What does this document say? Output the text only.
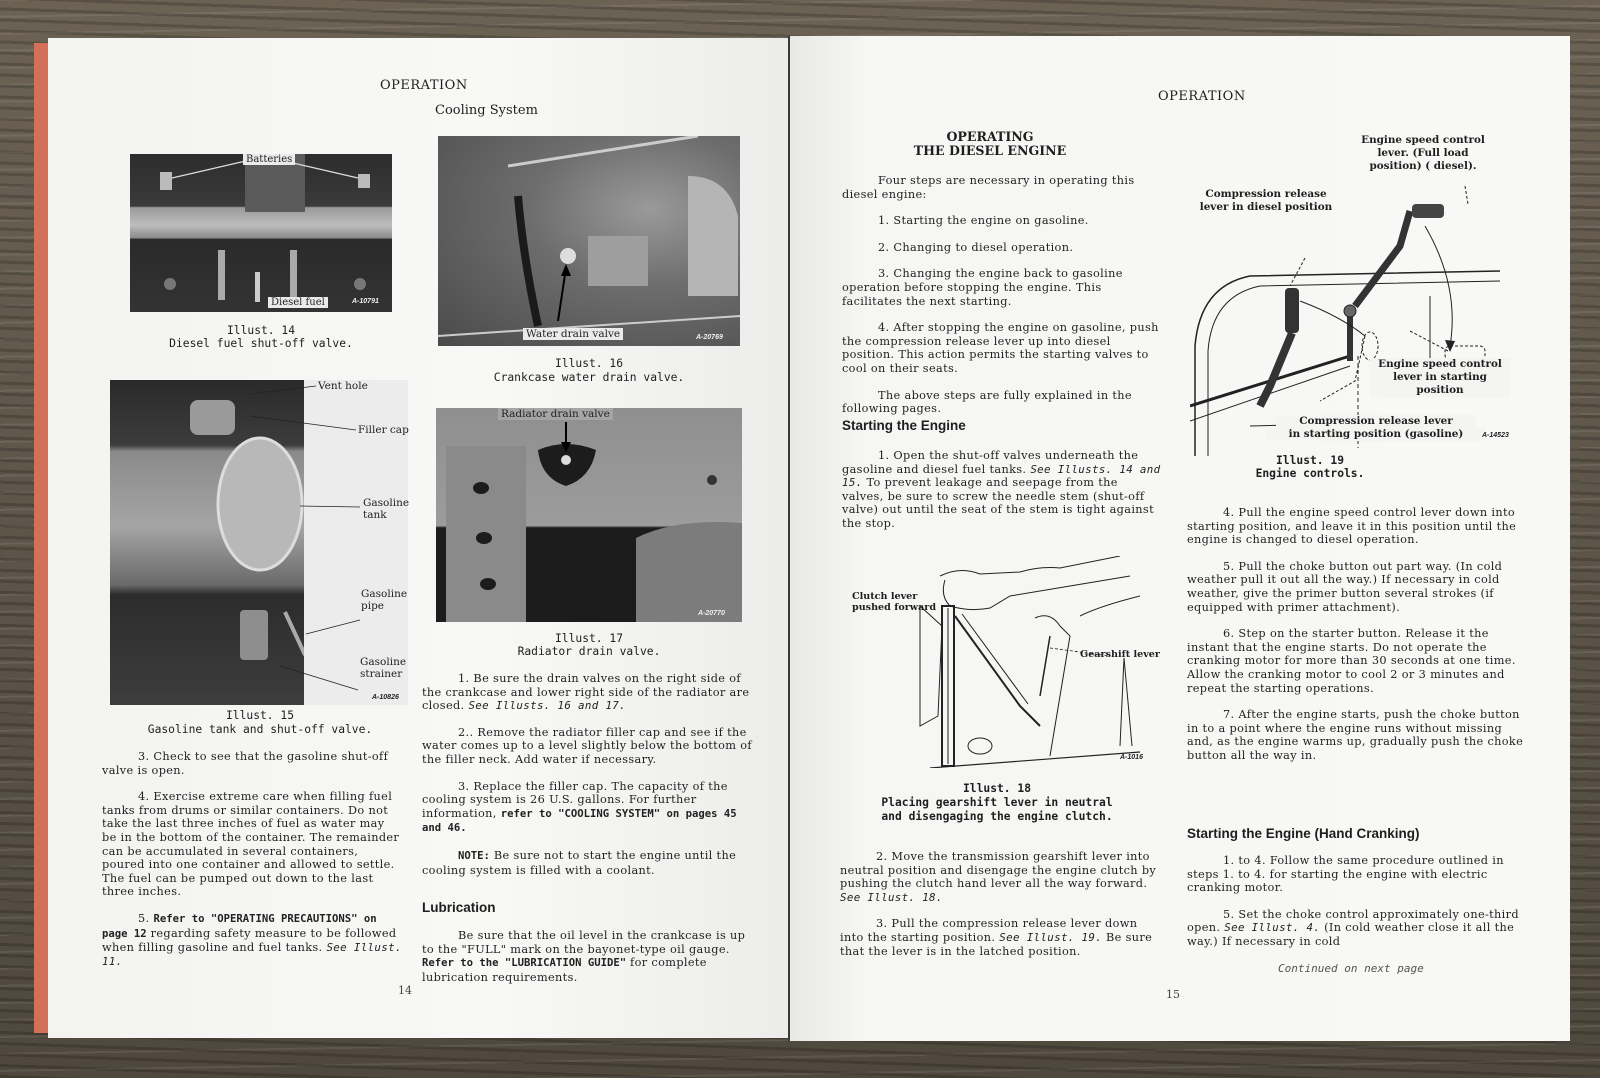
OPERATION
Cooling System
Batteries
Diesel fuel	A-10791
Illust. 14
Diesel fuel shut-off valve.
Water drain valve	A-20769
Illust. 16
Crankcase water drain valve.
Vent hole
Filler cap
Gasoline
tank
Gasoline
pipe
Gasoline
strainer
A-10826
Illust. 15
Gasoline tank and shut-off valve.
Radiator drain valve
A-20770
Illust. 17
Radiator drain valve.

3. Check to see that the gasoline shut-off valve is open.

4. Exercise extreme care when filling fuel tanks from drums or similar containers. Do not take the last three inches of fuel as water may be in the bottom of the container. The remainder can be accumulated in several containers, poured into one container and allowed to settle. The fuel can be pumped out down to the last three inches.

5. Refer to "OPERATING PRECAUTIONS" on page 12 regarding safety measure to be followed when filling gasoline and fuel tanks. See Illust. 11.

1. Be sure the drain valves on the right side of the crankcase and lower right side of the radiator are closed. See Illusts. 16 and 17.

2.. Remove the radiator filler cap and see if the water comes up to a level slightly below the bottom of the filler neck. Add water if necessary.

3. Replace the filler cap. The capacity of the cooling system is 26 U.S. gallons. For further information, refer to "COOLING SYSTEM" on pages 45 and 46.

NOTE: Be sure not to start the engine until the cooling system is filled with a coolant.

Lubrication

Be sure that the oil level in the crankcase is up to the "FULL" mark on the bayonet-type oil gauge. Refer to the "LUBRICATION GUIDE" for complete lubrication requirements.

14
OPERATION
OPERATING
THE DIESEL ENGINE

Four steps are necessary in operating this diesel engine:

1. Starting the engine on gasoline.

2. Changing to diesel operation.

3. Changing the engine back to gasoline operation before stopping the engine. This facilitates the next starting.

4. After stopping the engine on gasoline, push the compression release lever up into diesel position. This action permits the starting valves to cool on their seats.

The above steps are fully explained in the following pages.

Starting the Engine

1. Open the shut-off valves underneath the gasoline and diesel fuel tanks. See Illusts. 14 and 15. To prevent leakage and seepage from the valves, be sure to screw the needle stem (shut-off valve) out until the seat of the stem is tight against the stop.

Clutch lever
pushed forward
Gearshift lever
A-1016
Illust. 18
Placing gearshift lever in neutral
and disengaging the engine clutch.

2. Move the transmission gearshift lever into neutral position and disengage the engine clutch by pushing the clutch hand lever all the way forward. See Illust. 18.

3. Pull the compression release lever down into the starting position. See Illust. 19. Be sure that the lever is in the latched position.

Engine speed control
lever. (Full load
position) ( diesel).
Compression release
lever in diesel position
Engine speed control
lever in starting
position
Compression release lever
in starting position (gasoline)	A-14523
Illust. 19
Engine controls.

4. Pull the engine speed control lever down into starting position, and leave it in this position until the engine is changed to diesel operation.

5. Pull the choke button out part way. (In cold weather pull it out all the way.) If necessary in cold weather, give the primer button several strokes (if equipped with primer attachment).

6. Step on the starter button. Release it the instant that the engine starts. Do not operate the cranking motor for more than 30 seconds at one time. Allow the cranking motor to cool 2 or 3 minutes and repeat the starting operations.

7. After the engine starts, push the choke button in to a point where the engine runs without missing and, as the engine warms up, gradually push the choke button all the way in.

Starting the Engine (Hand Cranking)

1. to 4. Follow the same procedure outlined in steps 1. to 4. for starting the engine with electric cranking motor.

5. Set the choke control approximately one-third open. See Illust. 4. (In cold weather close it all the way.) If necessary in cold

Continued on next page
15
